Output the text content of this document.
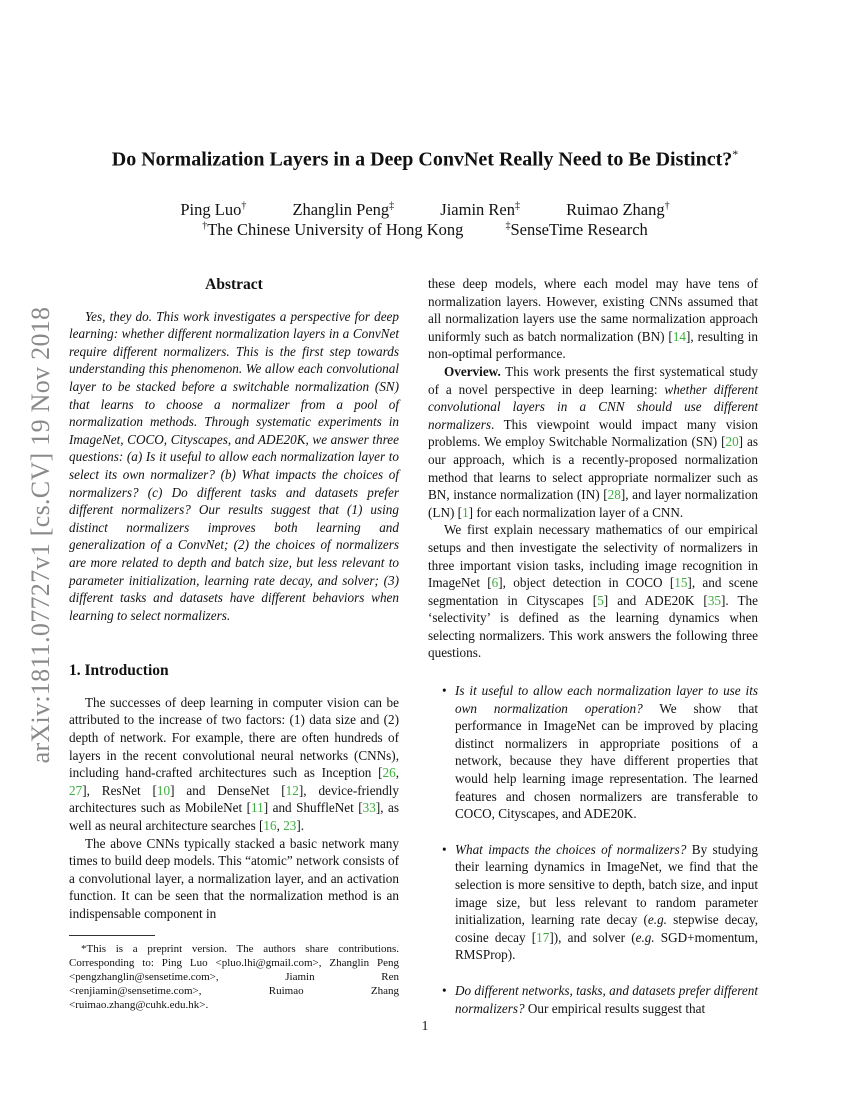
arXiv:1811.07727v1 [cs.CV] 19 Nov 2018
Do Normalization Layers in a Deep ConvNet Really Need to Be Distinct?*
Ping Luo†	Zhanglin Peng‡	Jiamin Ren‡	Ruimao Zhang†
†The Chinese University of Hong Kong	‡SenseTime Research
Abstract

Yes, they do. This work investigates a perspective for deep learning: whether different normalization layers in a ConvNet require different normalizers. This is the first step towards understanding this phenomenon. We allow each convolutional layer to be stacked before a switchable normalization (SN) that learns to choose a normalizer from a pool of normalization methods. Through systematic experiments in ImageNet, COCO, Cityscapes, and ADE20K, we answer three questions: (a) Is it useful to allow each normalization layer to select its own normalizer? (b) What impacts the choices of normalizers? (c) Do different tasks and datasets prefer different normalizers? Our results suggest that (1) using distinct normalizers improves both learning and generalization of a ConvNet; (2) the choices of normalizers are more related to depth and batch size, but less relevant to parameter initialization, learning rate decay, and solver; (3) different tasks and datasets have different behaviors when learning to select normalizers.

1. Introduction

The successes of deep learning in computer vision can be attributed to the increase of two factors: (1) data size and (2) depth of network. For example, there are often hundreds of layers in the recent convolutional neural networks (CNNs), including hand-crafted architectures such as Inception [26, 27], ResNet [10] and DenseNet [12], device-friendly architectures such as MobileNet [11] and ShuffleNet [33], as well as neural architecture searches [16, 23].

The above CNNs typically stacked a basic network many times to build deep models. This “atomic” network consists of a convolutional layer, a normalization layer, and an activation function. It can be seen that the normalization method is an indispensable component in

*This is a preprint version. The authors share contributions. Corresponding to: Ping Luo <pluo.lhi@gmail.com>, Zhanglin Peng <pengzhanglin@sensetime.com>, Jiamin Ren <renjiamin@sensetime.com>, Ruimao Zhang <ruimao.zhang@cuhk.edu.hk>.

these deep models, where each model may have tens of normalization layers. However, existing CNNs assumed that all normalization layers use the same normalization approach uniformly such as batch normalization (BN) [14], resulting in non-optimal performance.

Overview. This work presents the first systematical study of a novel perspective in deep learning: whether different convolutional layers in a CNN should use different normalizers. This viewpoint would impact many vision problems. We employ Switchable Normalization (SN) [20] as our approach, which is a recently-proposed normalization method that learns to select appropriate normalizer such as BN, instance normalization (IN) [28], and layer normalization (LN) [1] for each normalization layer of a CNN.

We first explain necessary mathematics of our empirical setups and then investigate the selectivity of normalizers in three important vision tasks, including image recognition in ImageNet [6], object detection in COCO [15], and scene segmentation in Cityscapes [5] and ADE20K [35]. The ‘selectivity’ is defined as the learning dynamics when selecting normalizers. This work answers the following three questions.

• Is it useful to allow each normalization layer to use its own normalization operation? We show that performance in ImageNet can be improved by placing distinct normalizers in appropriate positions of a network, because they have different properties that would help learning image representation. The learned features and chosen normalizers are transferable to COCO, Cityscapes, and ADE20K.
• What impacts the choices of normalizers? By studying their learning dynamics in ImageNet, we find that the selection is more sensitive to depth, batch size, and input image size, but less relevant to random parameter initialization, learning rate decay (e.g. stepwise decay, cosine decay [17]), and solver (e.g. SGD+momentum, RMSProp).
• Do different networks, tasks, and datasets prefer different normalizers? Our empirical results suggest that
1
